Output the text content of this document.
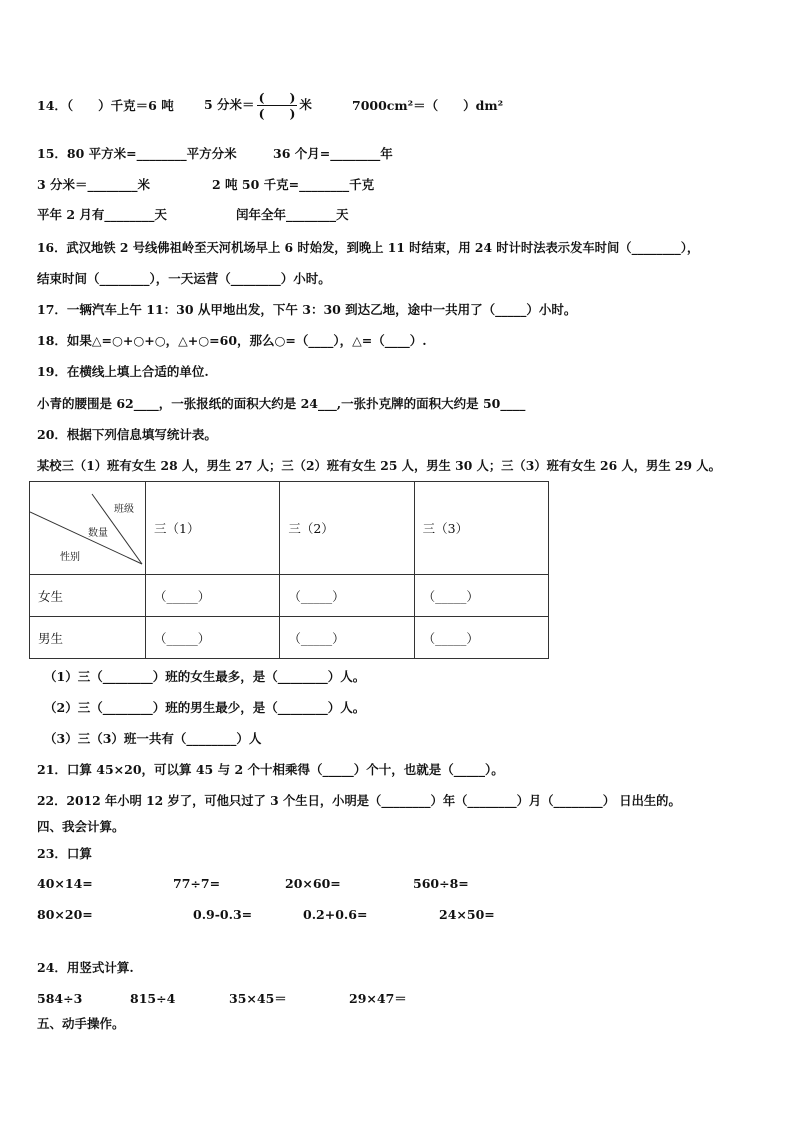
14．（　　）千克＝6 吨 5 分米＝ $\frac{( )}{( )}$ 米	7000cm²＝（　　）dm²
15．80 平方米=________平方分米	36 个月=________年
3 分米＝________米	2 吨 50 千克=________千克
平年 2 月有________天	闰年全年________天
16．武汉地铁 2 号线佛祖岭至天河机场早上 6 时始发，到晚上 11 时结束，用 24 时计时法表示发车时间（________），
结束时间（________），一天运营（________）小时。
17．一辆汽车上午 11：30 从甲地出发，下午 3：30 到达乙地，途中一共用了（_____）小时。
18．如果△=○+○+○，△+○=60，那么○=（____），△=（____）.
19．在横线上填上合适的单位.
小青的腰围是 62____，一张报纸的面积大约是 24___,一张扑克牌的面积大约是 50____
20．根据下列信息填写统计表。
某校三（1）班有女生 28 人，男生 27 人；三（2）班有女生 25 人，男生 30 人；三（3）班有女生 26 人，男生 29 人。
班级
数量
性别	三（1）	三（2）	三（3）
女生	（_____）	（_____）	（_____）
男生	（_____）	（_____）	（_____）
（1）三（________）班的女生最多，是（________）人。
（2）三（________）班的男生最少，是（________）人。
（3）三（3）班一共有（________）人
21．口算 45×20，可以算 45 与 2 个十相乘得（_____）个十，也就是（_____）。
22．2012 年小明 12 岁了，可他只过了 3 个生日，小明是（________）年（________）月（________） 日出生的。
四、我会计算。
23．口算
40×14=	77÷7=	20×60=	560÷8=
80×20=	0.9-0.3=	0.2+0.6=	24×50=
24．用竖式计算.
584÷3	815÷4	35×45＝	29×47＝
五、动手操作。
